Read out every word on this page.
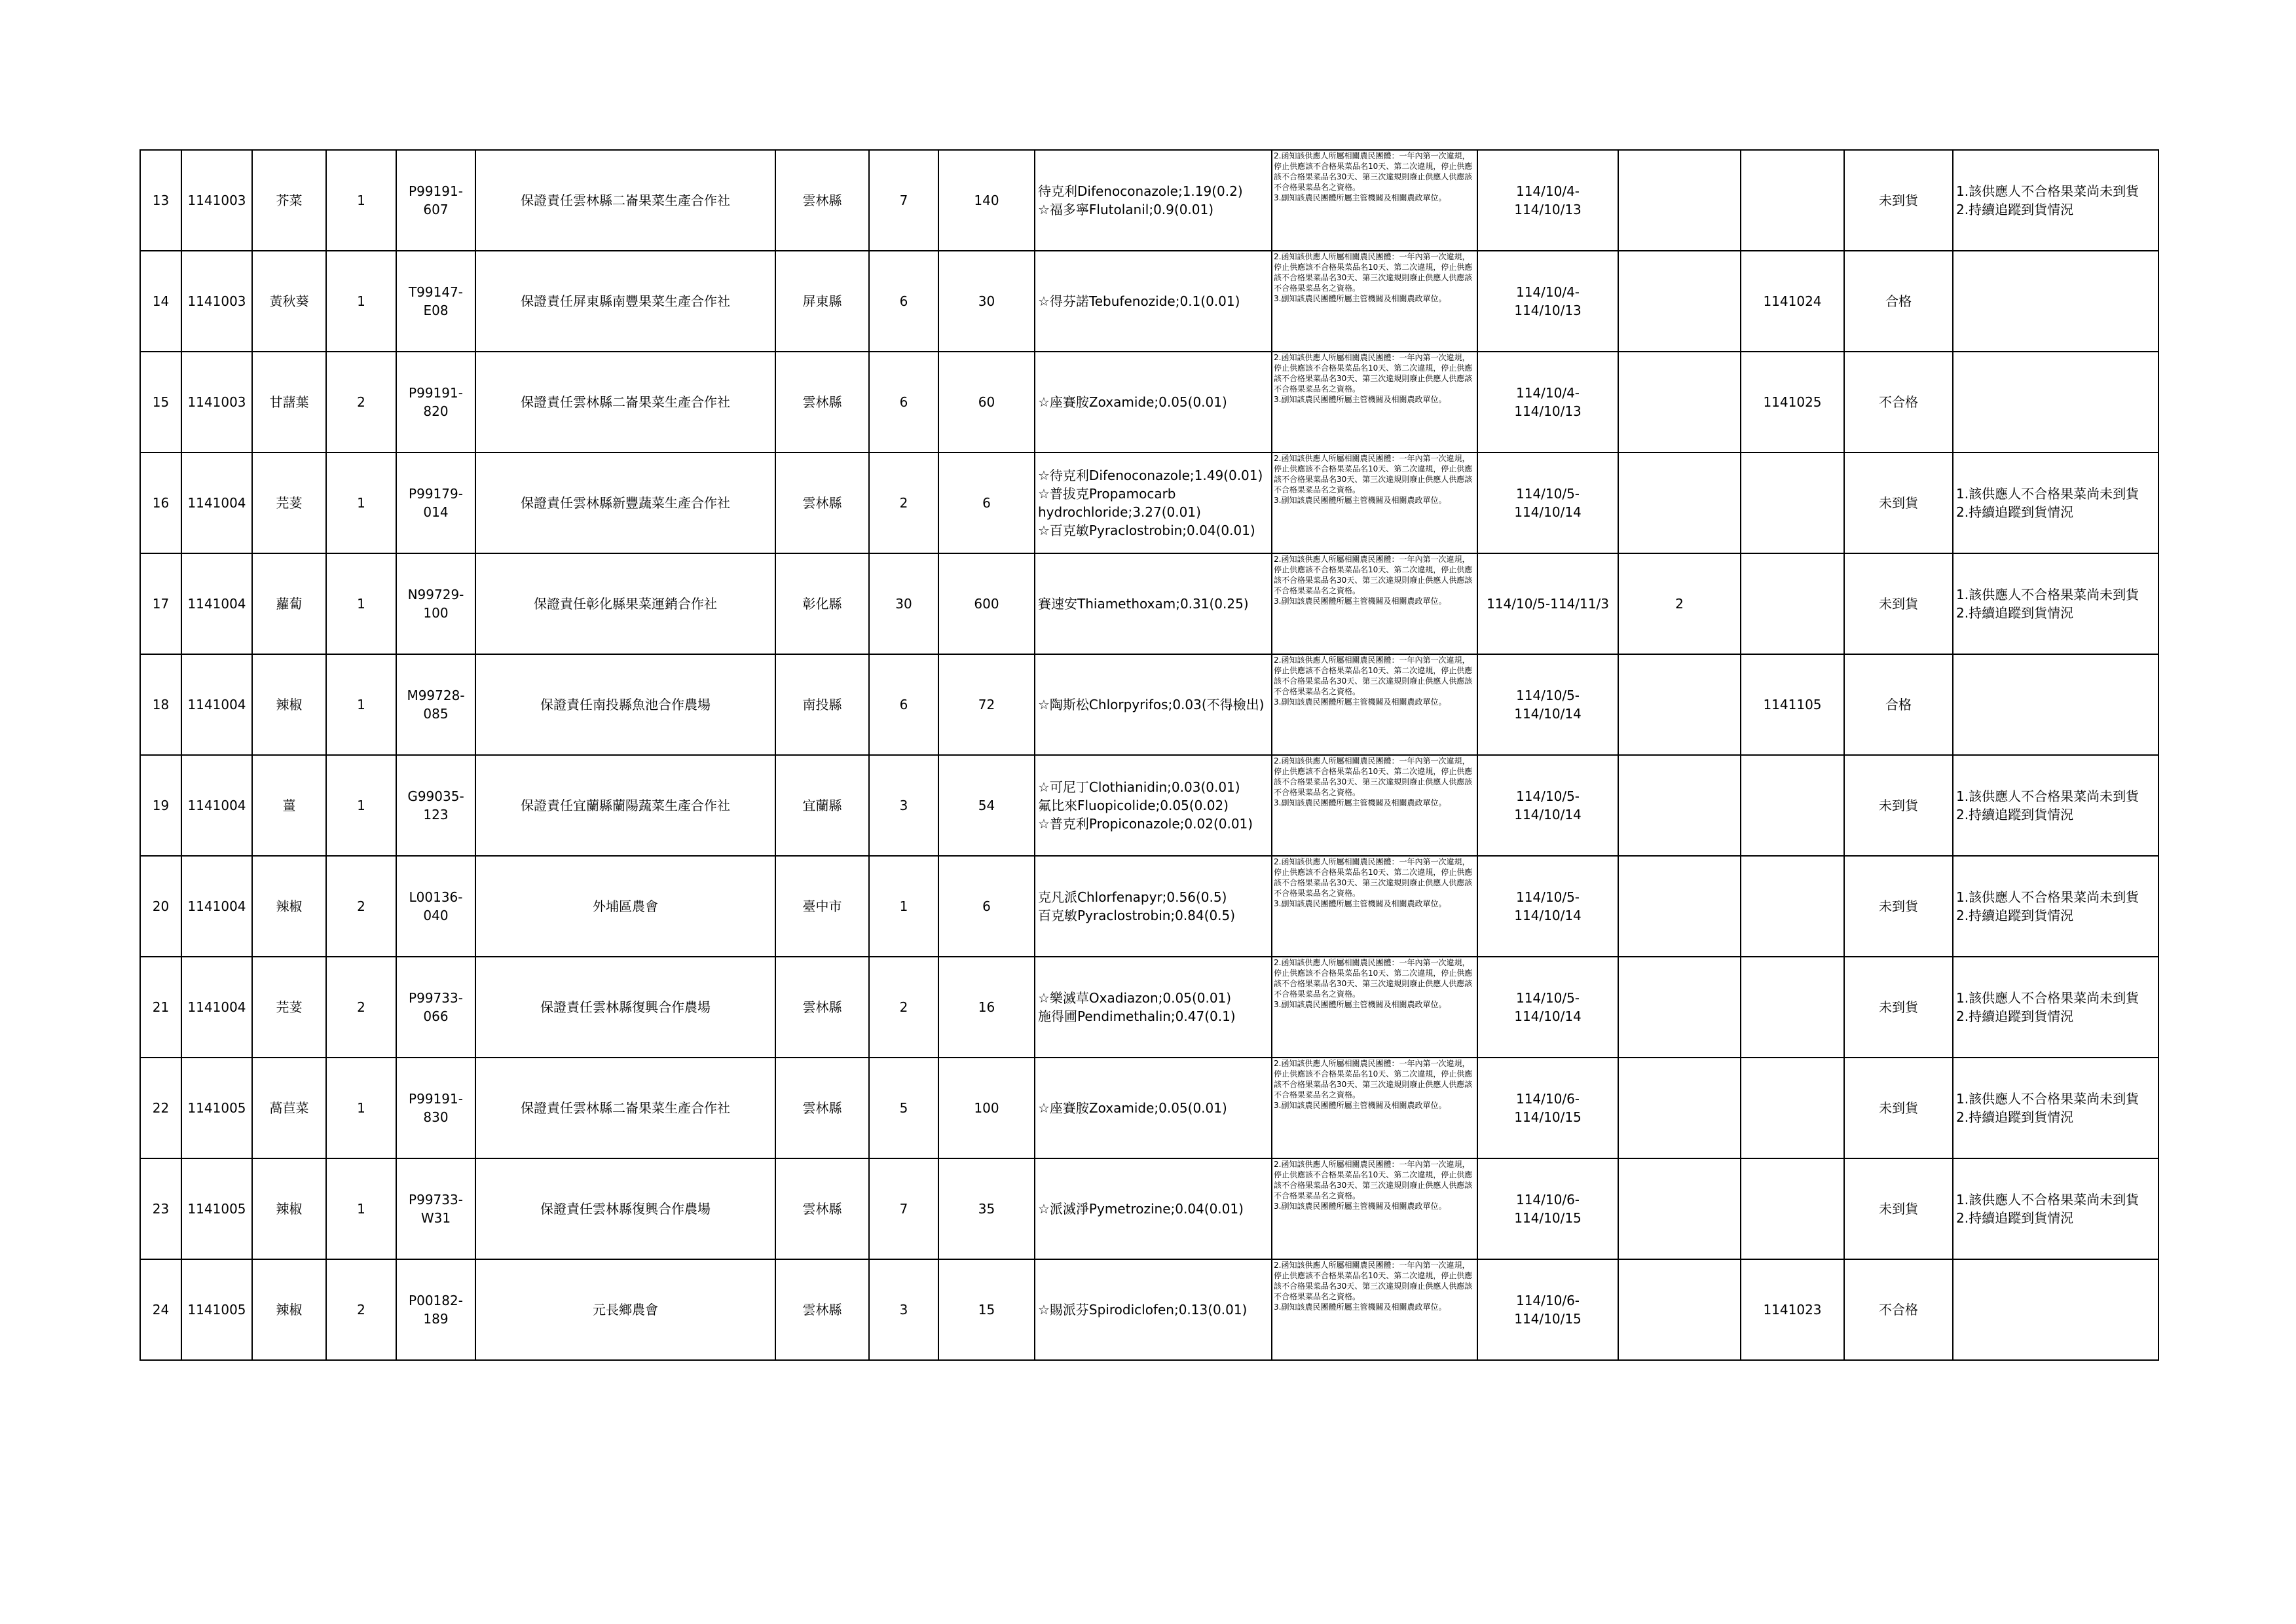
13	1141003	芥菜	1	P99191-607	保證責任雲林縣二崙果菜生產合作社	雲林縣	7	140	待克利Difenoconazole;1.19(0.2)
☆福多寧Flutolanil;0.9(0.01)	2.函知該供應人所屬相關農民團體：一年內第一次違規，停止供應該不合格果菜品名10天、第二次違規，停止供應該不合格果菜品名30天、第三次違規則廢止供應人供應該不合格果菜品名之資格。
3.副知該農民團體所屬主管機關及相關農政單位。	114/10/4-114/10/13			未到貨	1.該供應人不合格果菜尚未到貨
2.持續追蹤到貨情況
14	1141003	黃秋葵	1	T99147-E08	保證責任屏東縣南豐果菜生產合作社	屏東縣	6	30	☆得芬諾Tebufenozide;0.1(0.01)	2.函知該供應人所屬相關農民團體：一年內第一次違規，停止供應該不合格果菜品名10天、第二次違規，停止供應該不合格果菜品名30天、第三次違規則廢止供應人供應該不合格果菜品名之資格。
3.副知該農民團體所屬主管機關及相關農政單位。	114/10/4-114/10/13		1141024	合格	
15	1141003	甘藷葉	2	P99191-820	保證責任雲林縣二崙果菜生產合作社	雲林縣	6	60	☆座賽胺Zoxamide;0.05(0.01)	2.函知該供應人所屬相關農民團體：一年內第一次違規，停止供應該不合格果菜品名10天、第二次違規，停止供應該不合格果菜品名30天、第三次違規則廢止供應人供應該不合格果菜品名之資格。
3.副知該農民團體所屬主管機關及相關農政單位。	114/10/4-114/10/13		1141025	不合格	
16	1141004	芫荽	1	P99179-014	保證責任雲林縣新豐蔬菜生產合作社	雲林縣	2	6	☆待克利Difenoconazole;1.49(0.01)
☆普拔克Propamocarb hydrochloride;3.27(0.01)
☆百克敏Pyraclostrobin;0.04(0.01)	2.函知該供應人所屬相關農民團體：一年內第一次違規，停止供應該不合格果菜品名10天、第二次違規，停止供應該不合格果菜品名30天、第三次違規則廢止供應人供應該不合格果菜品名之資格。
3.副知該農民團體所屬主管機關及相關農政單位。	114/10/5-114/10/14			未到貨	1.該供應人不合格果菜尚未到貨
2.持續追蹤到貨情況
17	1141004	蘿蔔	1	N99729-100	保證責任彰化縣果菜運銷合作社	彰化縣	30	600	賽速安Thiamethoxam;0.31(0.25)	2.函知該供應人所屬相關農民團體：一年內第一次違規，停止供應該不合格果菜品名10天、第二次違規，停止供應該不合格果菜品名30天、第三次違規則廢止供應人供應該不合格果菜品名之資格。
3.副知該農民團體所屬主管機關及相關農政單位。	114/10/5-114/11/3	2		未到貨	1.該供應人不合格果菜尚未到貨
2.持續追蹤到貨情況
18	1141004	辣椒	1	M99728-085	保證責任南投縣魚池合作農場	南投縣	6	72	☆陶斯松Chlorpyrifos;0.03(不得檢出)	2.函知該供應人所屬相關農民團體：一年內第一次違規，停止供應該不合格果菜品名10天、第二次違規，停止供應該不合格果菜品名30天、第三次違規則廢止供應人供應該不合格果菜品名之資格。
3.副知該農民團體所屬主管機關及相關農政單位。	114/10/5-114/10/14		1141105	合格	
19	1141004	薑	1	G99035-123	保證責任宜蘭縣蘭陽蔬菜生產合作社	宜蘭縣	3	54	☆可尼丁Clothianidin;0.03(0.01)
氟比來Fluopicolide;0.05(0.02)
☆普克利Propiconazole;0.02(0.01)	2.函知該供應人所屬相關農民團體：一年內第一次違規，停止供應該不合格果菜品名10天、第二次違規，停止供應該不合格果菜品名30天、第三次違規則廢止供應人供應該不合格果菜品名之資格。
3.副知該農民團體所屬主管機關及相關農政單位。	114/10/5-114/10/14			未到貨	1.該供應人不合格果菜尚未到貨
2.持續追蹤到貨情況
20	1141004	辣椒	2	L00136-040	外埔區農會	臺中市	1	6	克凡派Chlorfenapyr;0.56(0.5)
百克敏Pyraclostrobin;0.84(0.5)	2.函知該供應人所屬相關農民團體：一年內第一次違規，停止供應該不合格果菜品名10天、第二次違規，停止供應該不合格果菜品名30天、第三次違規則廢止供應人供應該不合格果菜品名之資格。
3.副知該農民團體所屬主管機關及相關農政單位。	114/10/5-114/10/14			未到貨	1.該供應人不合格果菜尚未到貨
2.持續追蹤到貨情況
21	1141004	芫荽	2	P99733-066	保證責任雲林縣復興合作農場	雲林縣	2	16	☆樂滅草Oxadiazon;0.05(0.01)
施得圃Pendimethalin;0.47(0.1)	2.函知該供應人所屬相關農民團體：一年內第一次違規，停止供應該不合格果菜品名10天、第二次違規，停止供應該不合格果菜品名30天、第三次違規則廢止供應人供應該不合格果菜品名之資格。
3.副知該農民團體所屬主管機關及相關農政單位。	114/10/5-114/10/14			未到貨	1.該供應人不合格果菜尚未到貨
2.持續追蹤到貨情況
22	1141005	萵苣菜	1	P99191-830	保證責任雲林縣二崙果菜生產合作社	雲林縣	5	100	☆座賽胺Zoxamide;0.05(0.01)	2.函知該供應人所屬相關農民團體：一年內第一次違規，停止供應該不合格果菜品名10天、第二次違規，停止供應該不合格果菜品名30天、第三次違規則廢止供應人供應該不合格果菜品名之資格。
3.副知該農民團體所屬主管機關及相關農政單位。	114/10/6-114/10/15			未到貨	1.該供應人不合格果菜尚未到貨
2.持續追蹤到貨情況
23	1141005	辣椒	1	P99733-W31	保證責任雲林縣復興合作農場	雲林縣	7	35	☆派滅淨Pymetrozine;0.04(0.01)	2.函知該供應人所屬相關農民團體：一年內第一次違規，停止供應該不合格果菜品名10天、第二次違規，停止供應該不合格果菜品名30天、第三次違規則廢止供應人供應該不合格果菜品名之資格。
3.副知該農民團體所屬主管機關及相關農政單位。	114/10/6-114/10/15			未到貨	1.該供應人不合格果菜尚未到貨
2.持續追蹤到貨情況
24	1141005	辣椒	2	P00182-189	元長鄉農會	雲林縣	3	15	☆賜派芬Spirodiclofen;0.13(0.01)	2.函知該供應人所屬相關農民團體：一年內第一次違規，停止供應該不合格果菜品名10天、第二次違規，停止供應該不合格果菜品名30天、第三次違規則廢止供應人供應該不合格果菜品名之資格。
3.副知該農民團體所屬主管機關及相關農政單位。	114/10/6-114/10/15		1141023	不合格	
